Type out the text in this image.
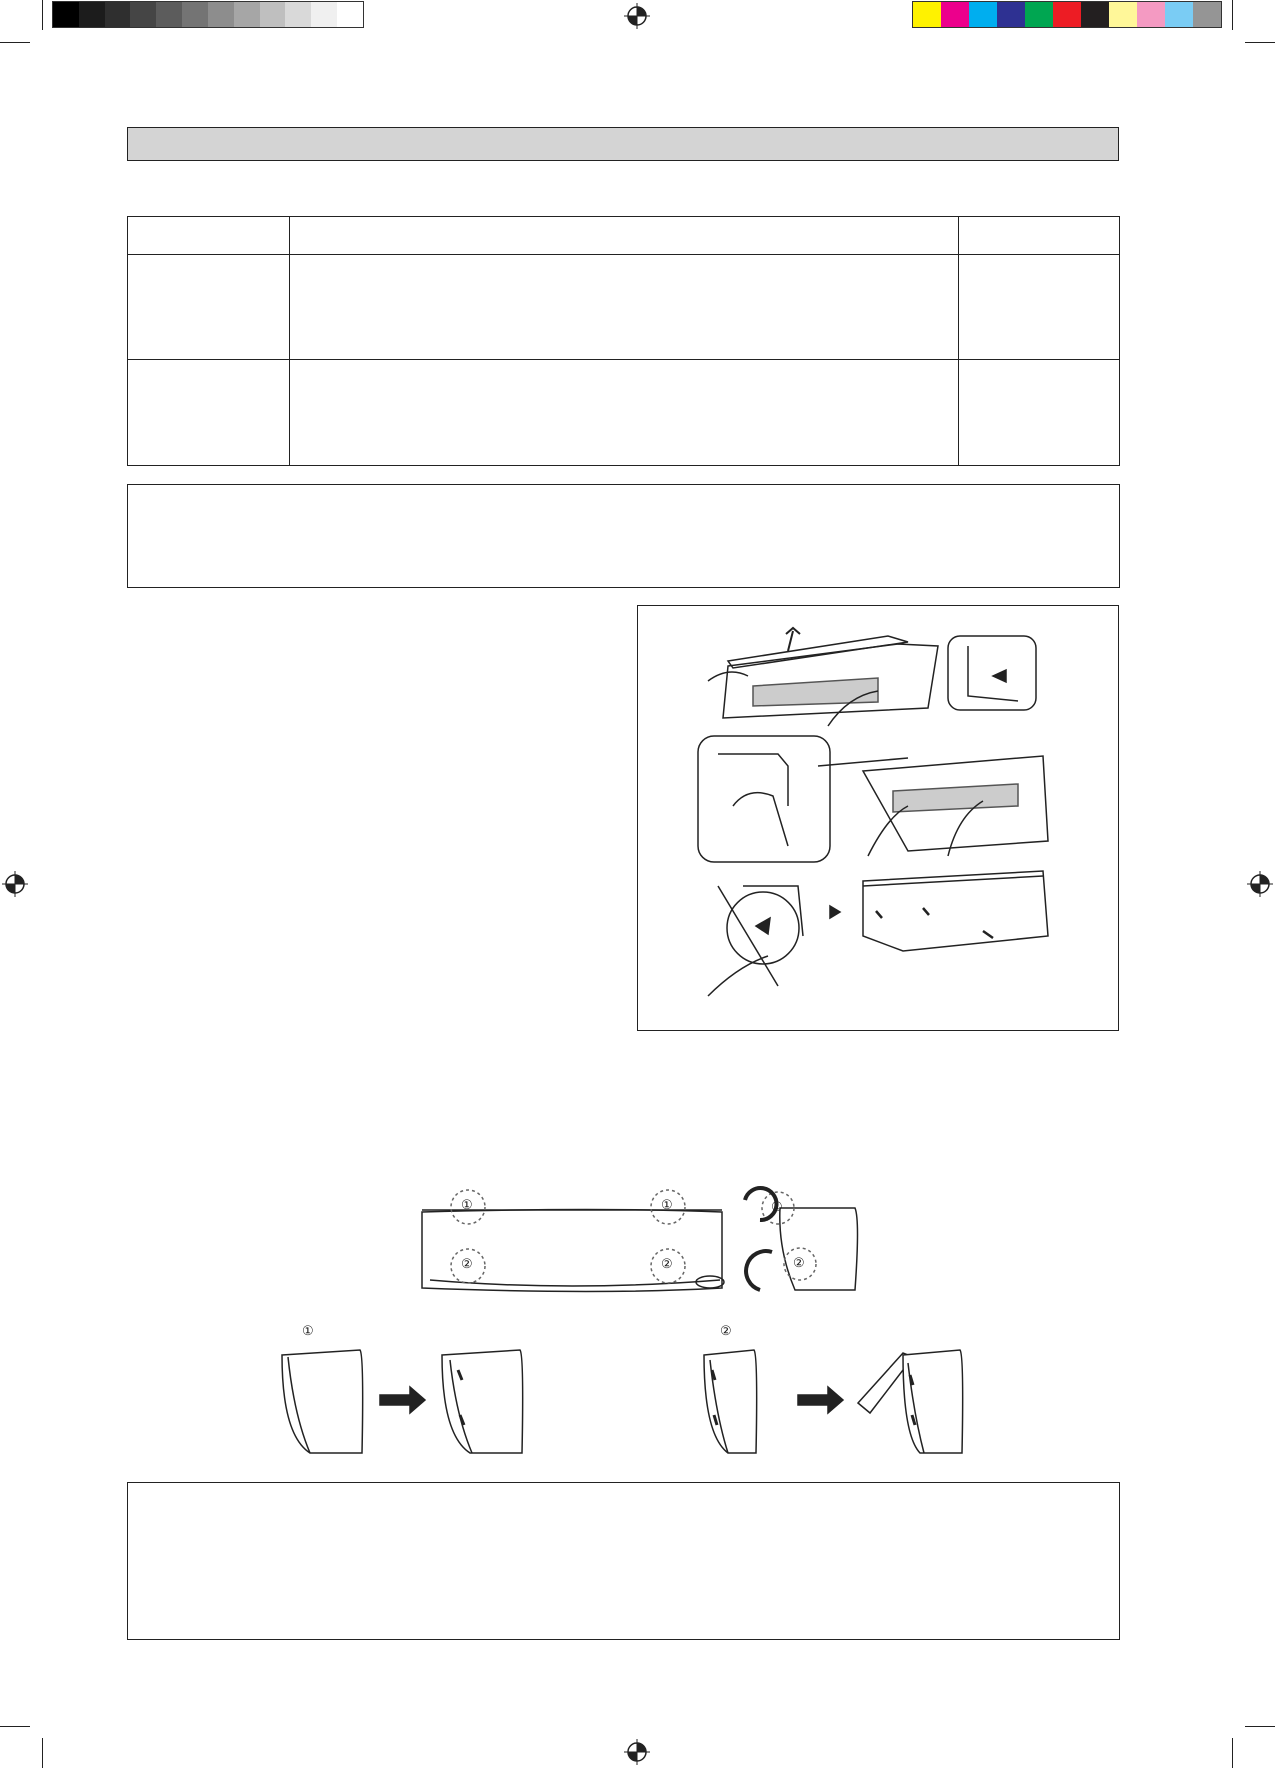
①	①
②	②
①
②
①	②
